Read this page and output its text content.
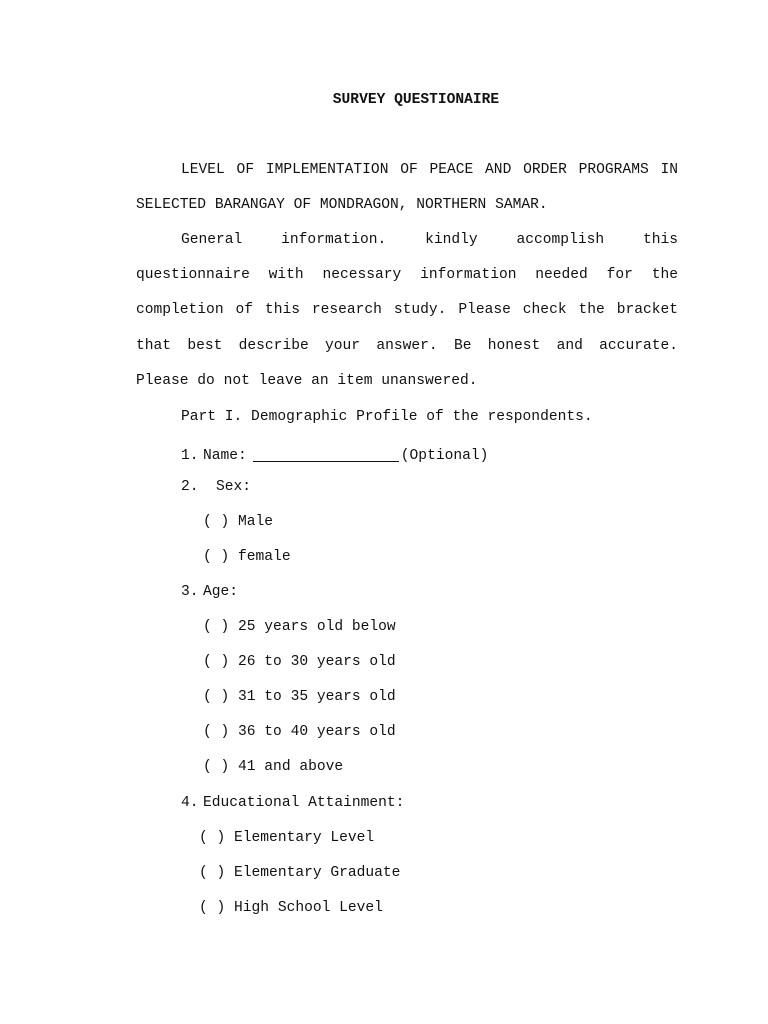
SURVEY QUESTIONAIRE

LEVEL OF IMPLEMENTATION OF PEACE AND ORDER PROGRAMS IN SELECTED BARANGAY OF MONDRAGON, NORTHERN SAMAR.

General information. kindly accomplish this questionnaire with necessary information needed for the completion of this research study. Please check the bracket that best describe your answer. Be honest and accurate. Please do not leave an item unanswered.

Part I. Demographic Profile of the respondents.

1. Name:	(Optional)

2. Sex:

( ) Male

( ) female

3. Age:

( ) 25 years old below

( ) 26 to 30 years old

( ) 31 to 35 years old

( ) 36 to 40 years old

( ) 41 and above

4. Educational Attainment:

( ) Elementary Level

( ) Elementary Graduate

( ) High School Level
